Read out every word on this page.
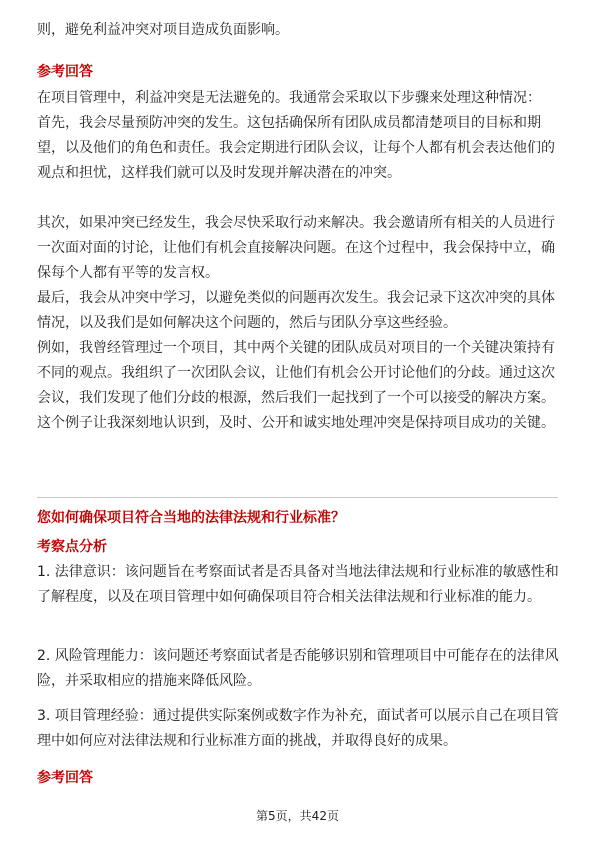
则，避免利益冲突对项目造成负面影响。

参考回答

在项目管理中，利益冲突是无法避免的。我通常会采取以下步骤来处理这种情况：

首先，我会尽量预防冲突的发生。这包括确保所有团队成员都清楚项目的目标和期望，以及他们的角色和责任。我会定期进行团队会议，让每个人都有机会表达他们的观点和担忧，这样我们就可以及时发现并解决潜在的冲突。

其次，如果冲突已经发生，我会尽快采取行动来解决。我会邀请所有相关的人员进行一次面对面的讨论，让他们有机会直接解决问题。在这个过程中，我会保持中立，确保每个人都有平等的发言权。

最后，我会从冲突中学习，以避免类似的问题再次发生。我会记录下这次冲突的具体情况，以及我们是如何解决这个问题的，然后与团队分享这些经验。

例如，我曾经管理过一个项目，其中两个关键的团队成员对项目的一个关键决策持有不同的观点。我组织了一次团队会议，让他们有机会公开讨论他们的分歧。通过这次会议，我们发现了他们分歧的根源，然后我们一起找到了一个可以接受的解决方案。这个例子让我深刻地认识到，及时、公开和诚实地处理冲突是保持项目成功的关键。

您如何确保项目符合当地的法律法规和行业标准？

考察点分析

1. 法律意识：该问题旨在考察面试者是否具备对当地法律法规和行业标准的敏感性和了解程度，以及在项目管理中如何确保项目符合相关法律法规和行业标准的能力。

2. 风险管理能力：该问题还考察面试者是否能够识别和管理项目中可能存在的法律风险，并采取相应的措施来降低风险。

3. 项目管理经验：通过提供实际案例或数字作为补充，面试者可以展示自己在项目管理中如何应对法律法规和行业标准方面的挑战，并取得良好的成果。

参考回答

第5页，共42页
